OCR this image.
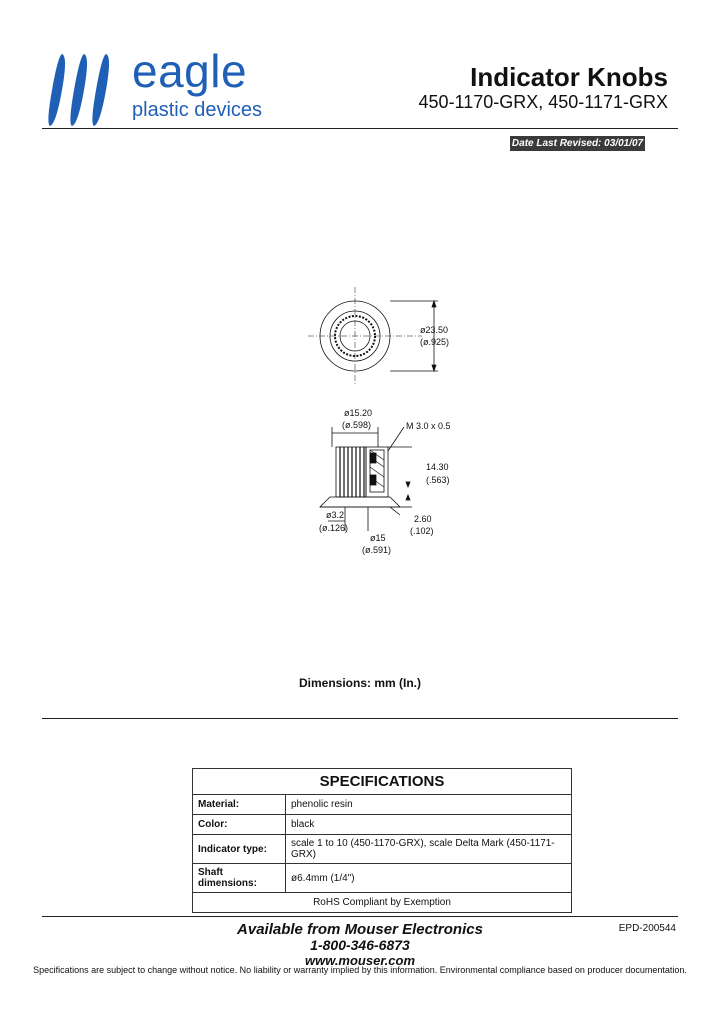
eagle
plastic devices
Indicator Knobs
450-1170-GRX, 450-1171-GRX
Date Last Revised: 03/01/07
ø23.50
(ø.925)
ø15.20
(ø.598)	M 3.0 x 0.5
14.30
(.563)
ø3.2
(ø.126)
2.60
(.102)
ø15
(ø.591)
Dimensions: mm (In.)
SPECIFICATIONS	
Material:	phenolic resin
Color:	black
Indicator type:	scale 1 to 10 (450-1170-GRX), scale Delta Mark (450-1171-GRX)
Shaft dimensions:	ø6.4mm (1/4")
RoHS Compliant by Exemption	
Available from Mouser Electronics
1-800-346-6873
www.mouser.com
EPD-200544
Specifications are subject to change without notice. No liability or warranty implied by this information. Environmental compliance based on producer documentation.
